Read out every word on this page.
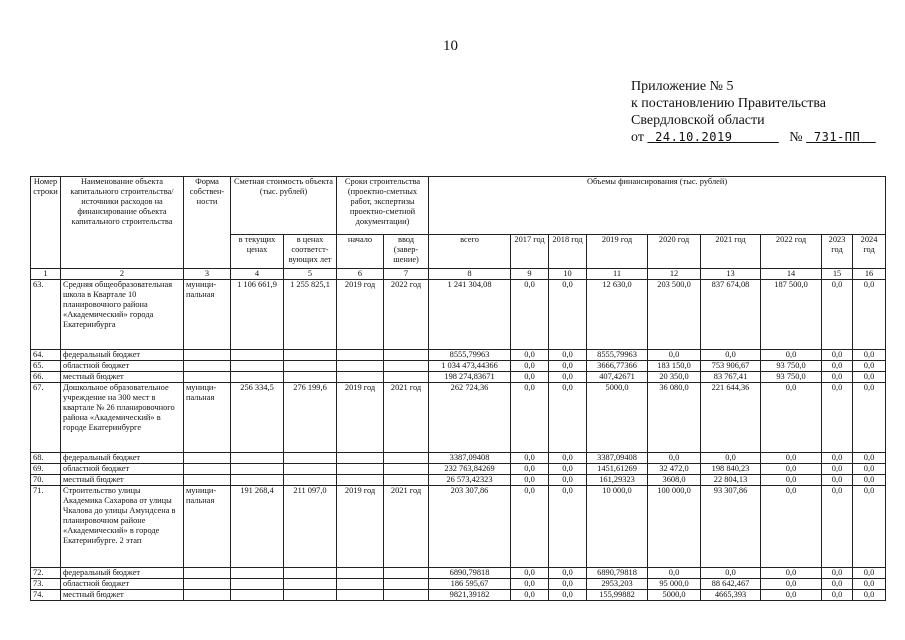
10
Приложение № 5
к постановлению Правительства
Свердловской области
от 24.10.2019	№ 731-ПП
Номер строки	Наименование объекта капитального строительства/ источники расходов на финансирование объекта капитального строительства	Форма собствен-ности	Сметная стоимость объекта (тыс. рублей)		Сроки строительства (проектно-сметных работ, экспертизы проектно-сметной документации)		Объемы финансирования (тыс. рублей)								
			в текущих ценах	в ценах соответст-вующих лет	начало	ввод (завер-шение)	всего	2017 год	2018 год	2019 год	2020 год	2021 год	2022 год	2023 год	2024 год
1	2	3	4	5	6	7	8	9	10	11	12	13	14	15	16
63.	Средняя общеобразовательная школа в Квартале 10 планировочного района «Академический» города Екатеринбурга	муници-пальная	1 106 661,9	1 255 825,1	2019 год	2022 год	1 241 304,08	0,0	0,0	12 630,0	203 500,0	837 674,08	187 500,0	0,0	0,0
64.	федеральный бюджет						8555,79963	0,0	0,0	8555,79963	0,0	0,0	0,0	0,0	0,0
65.	областной бюджет						1 034 473,44366	0,0	0,0	3666,77366	183 150,0	753 906,67	93 750,0	0,0	0,0
66.	местный бюджет						198 274,83671	0,0	0,0	407,42671	20 350,0	83 767,41	93 750,0	0,0	0,0
67.	Дошкольное образовательное учреждение на 300 мест в квартале № 26 планировочного района «Академический» в городе Екатеринбурге	муници-пальная	256 334,5	276 199,6	2019 год	2021 год	262 724,36	0,0	0,0	5000,0	36 080,0	221 644,36	0,0	0,0	0,0
68.	федеральный бюджет						3387,09408	0,0	0,0	3387,09408	0,0	0,0	0,0	0,0	0,0
69.	областной бюджет						232 763,84269	0,0	0,0	1451,61269	32 472,0	198 840,23	0,0	0,0	0,0
70.	местный бюджет						26 573,42323	0,0	0,0	161,29323	3608,0	22 804,13	0,0	0,0	0,0
71.	Строительство улицы Академика Сахарова от улицы Чкалова до улицы Амундсена в планировочном районе «Академический» в городе Екатеринбурге. 2 этап	муници-пальная	191 268,4	211 097,0	2019 год	2021 год	203 307,86	0,0	0,0	10 000,0	100 000,0	93 307,86	0,0	0,0	0,0
72.	федеральный бюджет						6890,79818	0,0	0,0	6890,79818	0,0	0,0	0,0	0,0	0,0
73.	областной бюджет						186 595,67	0,0	0,0	2953,203	95 000,0	88 642,467	0,0	0,0	0,0
74.	местный бюджет						9821,39182	0,0	0,0	155,99882	5000,0	4665,393	0,0	0,0	0,0
